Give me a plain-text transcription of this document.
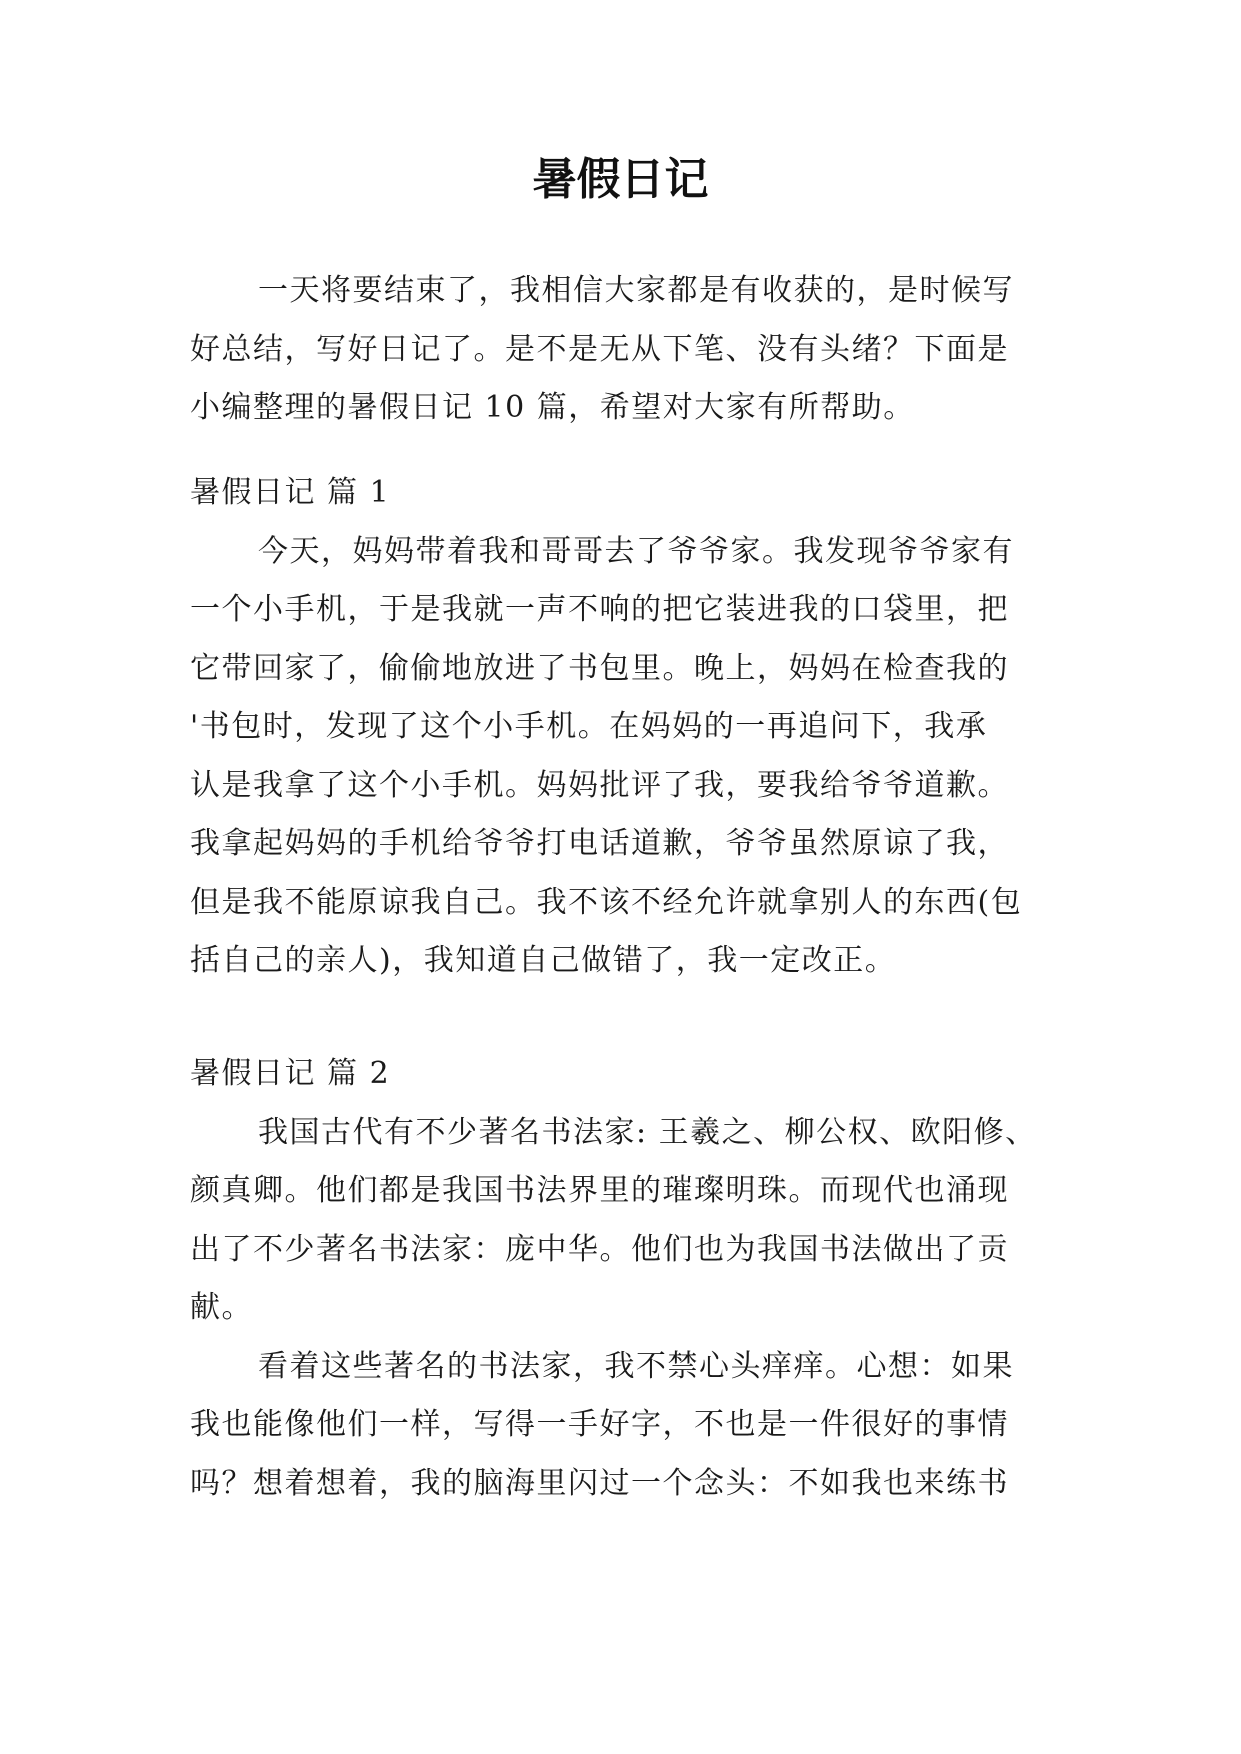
暑假日记
一天将要结束了，我相信大家都是有收获的，是时候写
好总结，写好日记了。是不是无从下笔、没有头绪？下面是
小编整理的暑假日记 10 篇，希望对大家有所帮助。
暑假日记 篇 1
今天，妈妈带着我和哥哥去了爷爷家。我发现爷爷家有
一个小手机，于是我就一声不响的把它装进我的口袋里，把
它带回家了，偷偷地放进了书包里。晚上，妈妈在检查我的
'书包时，发现了这个小手机。在妈妈的一再追问下，我承
认是我拿了这个小手机。妈妈批评了我，要我给爷爷道歉。
我拿起妈妈的手机给爷爷打电话道歉，爷爷虽然原谅了我，
但是我不能原谅我自己。我不该不经允许就拿别人的东西(包
括自己的亲人)，我知道自己做错了，我一定改正。
暑假日记 篇 2
我国古代有不少著名书法家: 王羲之、柳公权、欧阳修、
颜真卿。他们都是我国书法界里的璀璨明珠。而现代也涌现
出了不少著名书法家：庞中华。他们也为我国书法做出了贡
献。
看着这些著名的书法家，我不禁心头痒痒。心想：如果
我也能像他们一样，写得一手好字，不也是一件很好的事情
吗？想着想着，我的脑海里闪过一个念头：不如我也来练书
